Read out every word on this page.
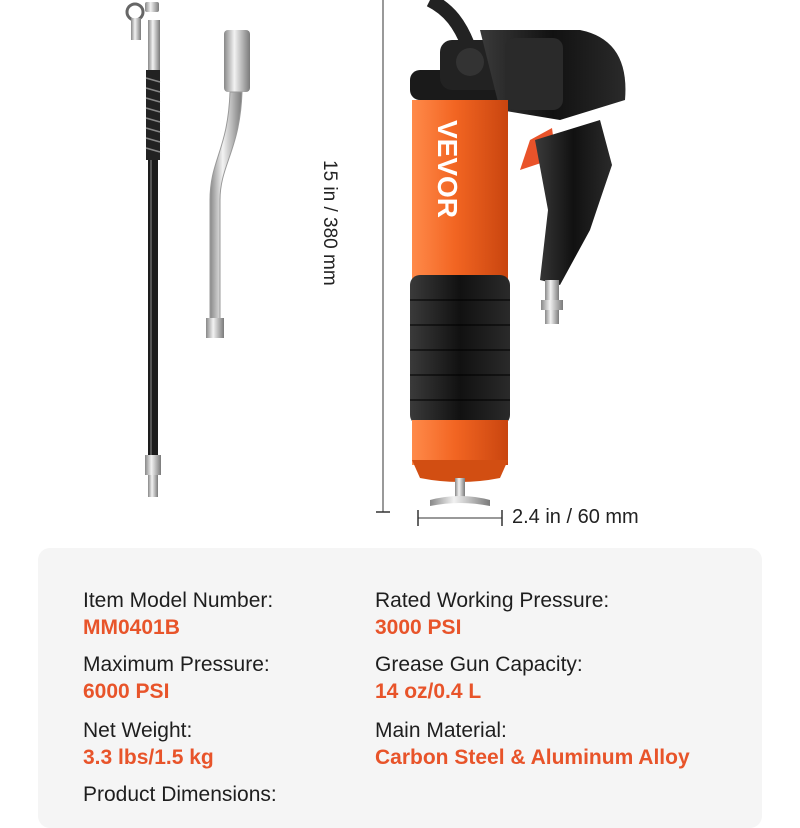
VEVOR
15 in / 380 mm
2.4 in / 60 mm
Item Model Number:
MM0401B
Rated Working Pressure:
3000 PSI
Maximum Pressure:
6000 PSI
Grease Gun Capacity:
14 oz/0.4 L
Net Weight:
3.3 lbs/1.5 kg
Main Material:
Carbon Steel & Aluminum Alloy
Product Dimensions:
